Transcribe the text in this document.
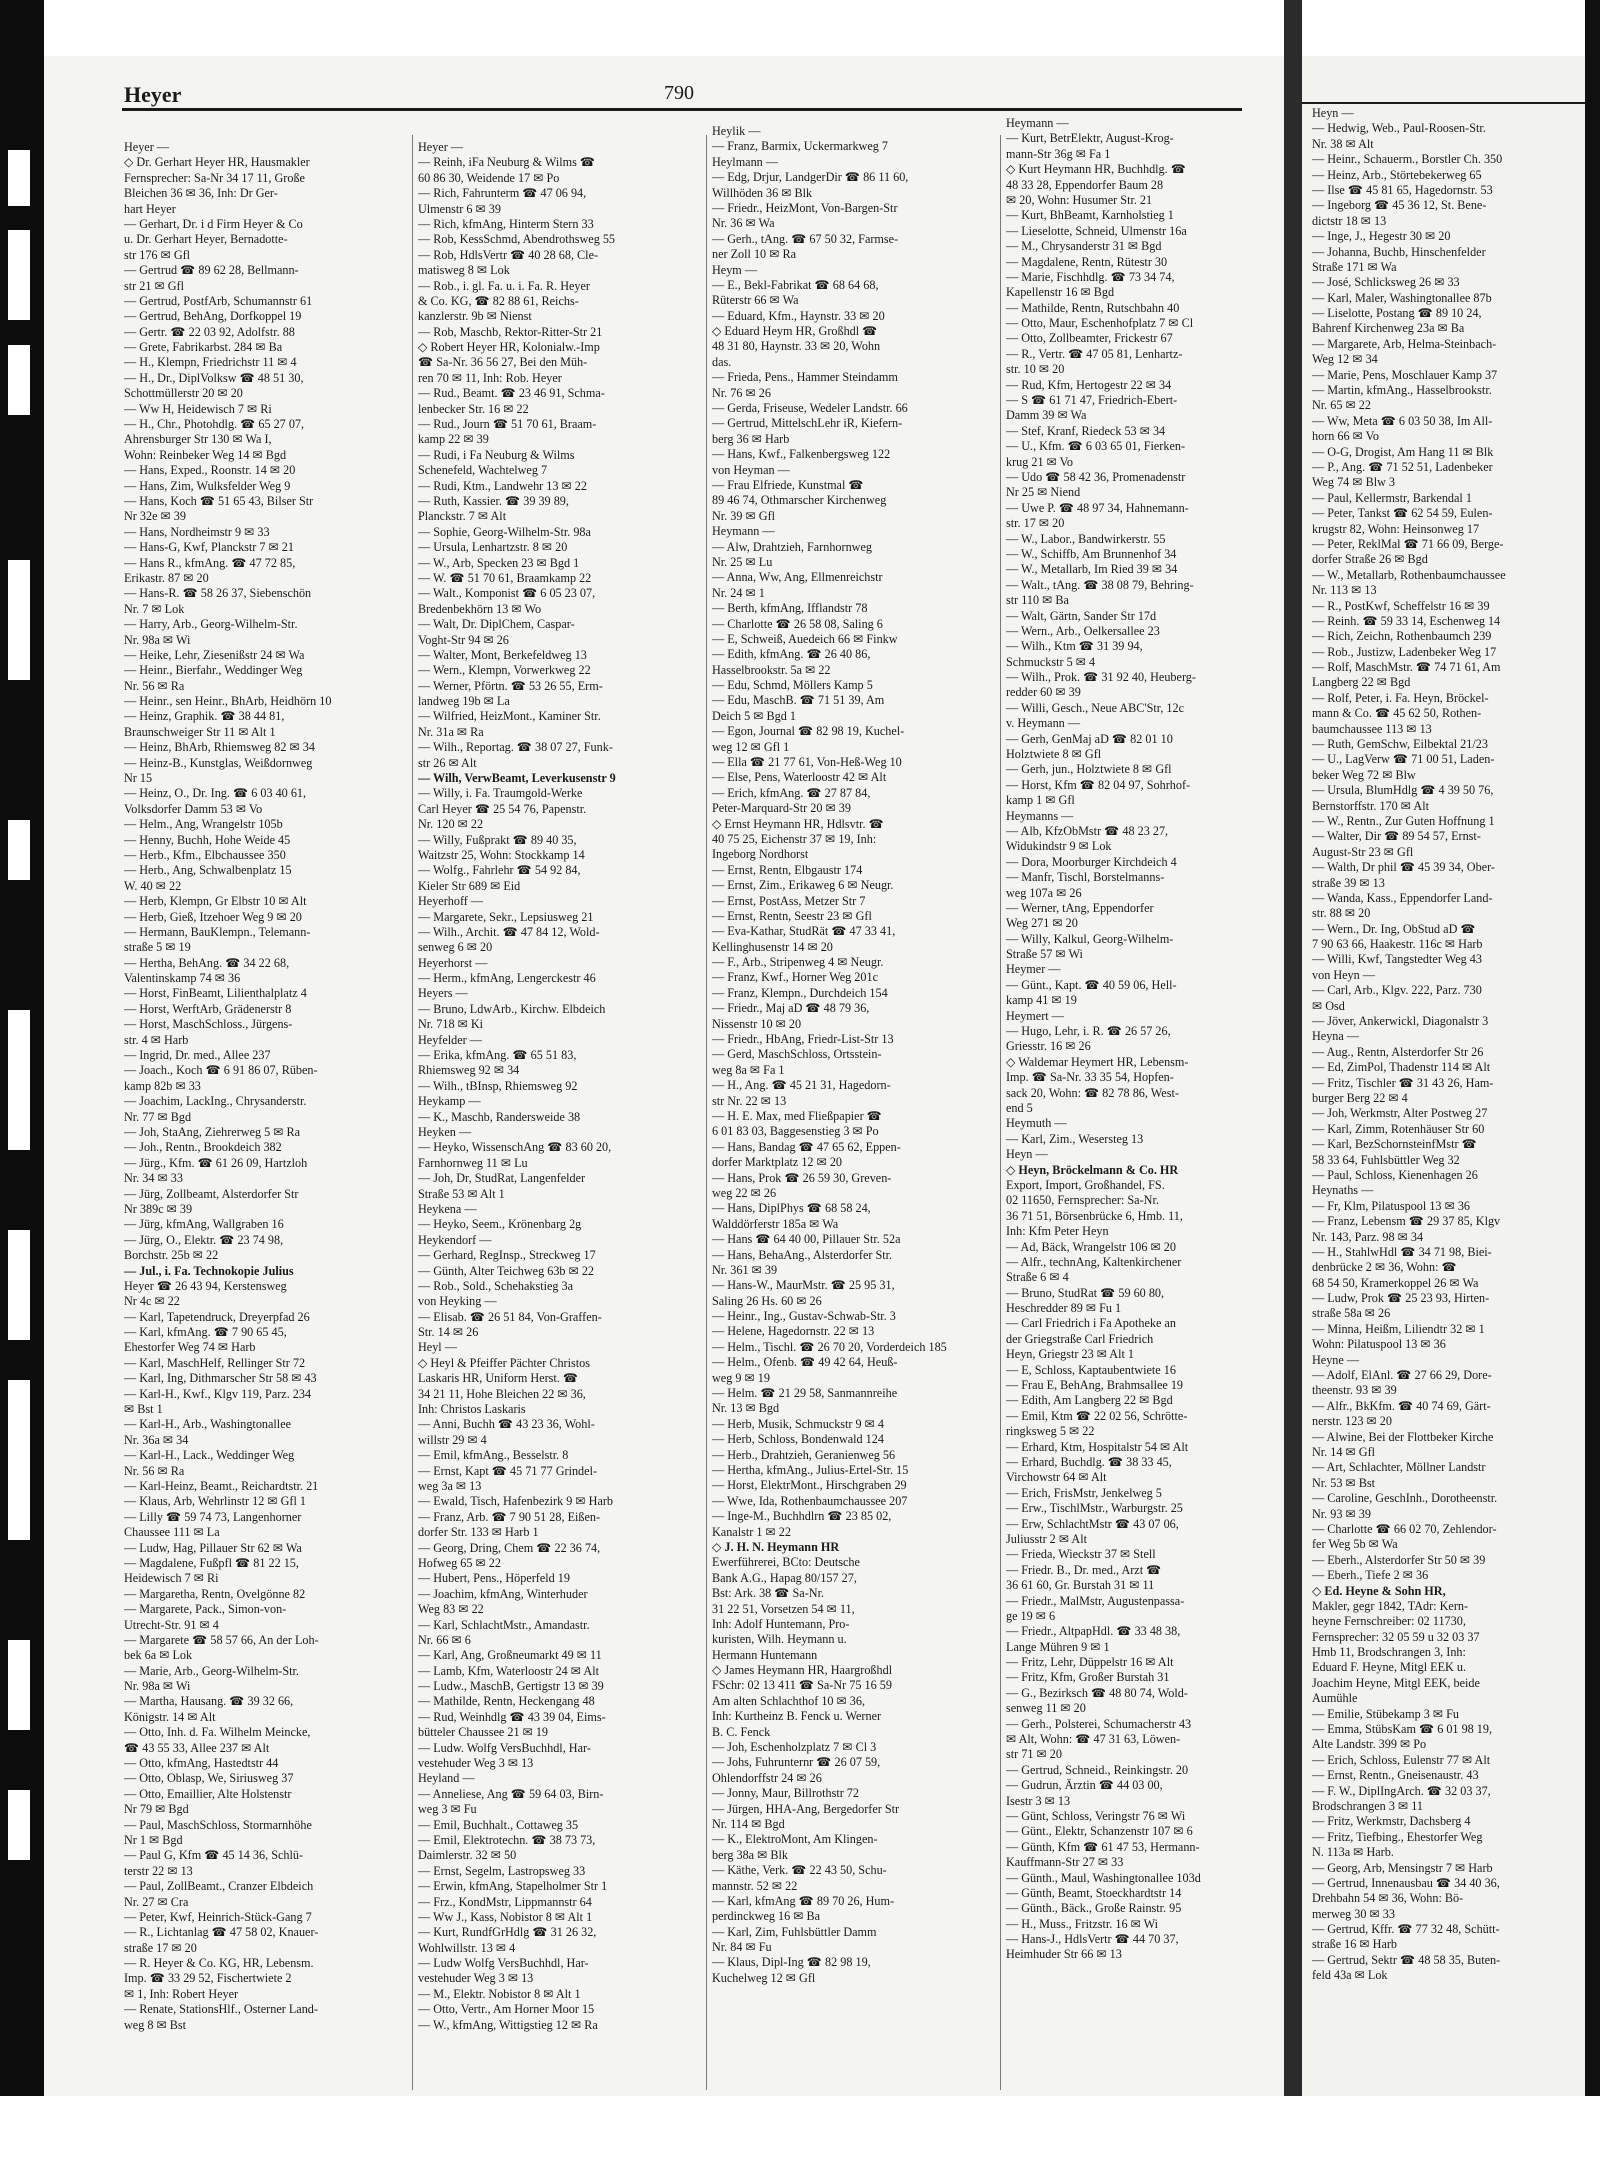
Heyer	790
Heyer —
◇ Dr. Gerhart Heyer HR, Hausmakler
Fernsprecher: Sa-Nr 34 17 11, Große
Bleichen 36 ✉ 36, Inh: Dr Ger-
hart Heyer
— Gerhart, Dr. i d Firm Heyer & Co
u. Dr. Gerhart Heyer, Bernadotte-
str 176 ✉ Gfl
— Gertrud ☎ 89 62 28, Bellmann-
str 21 ✉ Gfl
— Gertrud, PostfArb, Schumannstr 61
— Gertrud, BehAng, Dorfkoppel 19
— Gertr. ☎ 22 03 92, Adolfstr. 88
— Grete, Fabrikarbst. 284 ✉ Ba
— H., Klempn, Friedrichstr 11 ✉ 4
— H., Dr., DiplVolksw ☎ 48 51 30,
Schottmüllerstr 20 ✉ 20
— Ww H, Heidewisch 7 ✉ Ri
— H., Chr., Photohdlg. ☎ 65 27 07,
Ahrensburger Str 130 ✉ Wa I,
Wohn: Reinbeker Weg 14 ✉ Bgd
— Hans, Exped., Roonstr. 14 ✉ 20
— Hans, Zim, Wulksfelder Weg 9
— Hans, Koch ☎ 51 65 43, Bilser Str
Nr 32e ✉ 39
— Hans, Nordheimstr 9 ✉ 33
— Hans-G, Kwf, Planckstr 7 ✉ 21
— Hans R., kfmAng. ☎ 47 72 85,
Erikastr. 87 ✉ 20
— Hans-R. ☎ 58 26 37, Siebenschön
Nr. 7 ✉ Lok
— Harry, Arb., Georg-Wilhelm-Str.
Nr. 98a ✉ Wi
— Heike, Lehr, Ziesenißstr 24 ✉ Wa
— Heinr., Bierfahr., Weddinger Weg
Nr. 56 ✉ Ra
— Heinr., sen Heinr., BhArb, Heidhörn 10
— Heinz, Graphik. ☎ 38 44 81,
Braunschweiger Str 11 ✉ Alt 1
— Heinz, BhArb, Rhiemsweg 82 ✉ 34
— Heinz-B., Kunstglas, Weißdornweg
Nr 15
— Heinz, O., Dr. Ing. ☎ 6 03 40 61,
Volksdorfer Damm 53 ✉ Vo
— Helm., Ang, Wrangelstr 105b
— Henny, Buchh, Hohe Weide 45
— Herb., Kfm., Elbchaussee 350
— Herb., Ang, Schwalbenplatz 15
W. 40 ✉ 22
— Herb, Klempn, Gr Elbstr 10 ✉ Alt
— Herb, Gieß, Itzehoer Weg 9 ✉ 20
— Hermann, BauKlempn., Telemann-
straße 5 ✉ 19
— Hertha, BehAng. ☎ 34 22 68,
Valentinskamp 74 ✉ 36
— Horst, FinBeamt, Lilienthalplatz 4
— Horst, WerftArb, Grädenerstr 8
— Horst, MaschSchloss., Jürgens-
str. 4 ✉ Harb
— Ingrid, Dr. med., Allee 237
— Joach., Koch ☎ 6 91 86 07, Rüben-
kamp 82b ✉ 33
— Joachim, LackIng., Chrysanderstr.
Nr. 77 ✉ Bgd
— Joh, StaAng, Ziehrerweg 5 ✉ Ra
— Joh., Rentn., Brookdeich 382
— Jürg., Kfm. ☎ 61 26 09, Hartzloh
Nr. 34 ✉ 33
— Jürg, Zollbeamt, Alsterdorfer Str
Nr 389c ✉ 39
— Jürg, kfmAng, Wallgraben 16
— Jürg, O., Elektr. ☎ 23 74 98,
Borchstr. 25b ✉ 22
— Jul., i. Fa. Technokopie Julius
Heyer ☎ 26 43 94, Kerstensweg
Nr 4c ✉ 22
— Karl, Tapetendruck, Dreyerpfad 26
— Karl, kfmAng. ☎ 7 90 65 45,
Ehestorfer Weg 74 ✉ Harb
— Karl, MaschHelf, Rellinger Str 72
— Karl, Ing, Dithmarscher Str 58 ✉ 43
— Karl-H., Kwf., Klgv 119, Parz. 234
✉ Bst 1
— Karl-H., Arb., Washingtonallee
Nr. 36a ✉ 34
— Karl-H., Lack., Weddinger Weg
Nr. 56 ✉ Ra
— Karl-Heinz, Beamt., Reichardtstr. 21
— Klaus, Arb, Wehrlinstr 12 ✉ Gfl 1
— Lilly ☎ 59 74 73, Langenhorner
Chaussee 111 ✉ La
— Ludw, Hag, Pillauer Str 62 ✉ Wa
— Magdalene, Fußpfl ☎ 81 22 15,
Heidewisch 7 ✉ Ri
— Margaretha, Rentn, Ovelgönne 82
— Margarete, Pack., Simon-von-
Utrecht-Str. 91 ✉ 4
— Margarete ☎ 58 57 66, An der Loh-
bek 6a ✉ Lok
— Marie, Arb., Georg-Wilhelm-Str.
Nr. 98a ✉ Wi
— Martha, Hausang. ☎ 39 32 66,
Königstr. 14 ✉ Alt
— Otto, Inh. d. Fa. Wilhelm Meincke,
☎ 43 55 33, Allee 237 ✉ Alt
— Otto, kfmAng, Hastedtstr 44
— Otto, Oblasp, We, Siriusweg 37
— Otto, Emaillier, Alte Holstenstr
Nr 79 ✉ Bgd
— Paul, MaschSchloss, Stormarnhöhe
Nr 1 ✉ Bgd
— Paul G, Kfm ☎ 45 14 36, Schlü-
terstr 22 ✉ 13
— Paul, ZollBeamt., Cranzer Elbdeich
Nr. 27 ✉ Cra
— Peter, Kwf, Heinrich-Stück-Gang 7
— R., Lichtanlag ☎ 47 58 02, Knauer-
straße 17 ✉ 20
— R. Heyer & Co. KG, HR, Lebensm.
Imp. ☎ 33 29 52, Fischertwiete 2
✉ 1, Inh: Robert Heyer
— Renate, StationsHlf., Osterner Land-
weg 8 ✉ Bst
Heyer —
— Reinh, iFa Neuburg & Wilms ☎
60 86 30, Weidende 17 ✉ Po
— Rich, Fahrunterm ☎ 47 06 94,
Ulmenstr 6 ✉ 39
— Rich, kfmAng, Hinterm Stern 33
— Rob, KessSchmd, Abendrothsweg 55
— Rob, HdlsVertr ☎ 40 28 68, Cle-
matisweg 8 ✉ Lok
— Rob., i. gl. Fa. u. i. Fa. R. Heyer
& Co. KG, ☎ 82 88 61, Reichs-
kanzlerstr. 9b ✉ Nienst
— Rob, Maschb, Rektor-Ritter-Str 21
◇ Robert Heyer HR, Kolonialw.-Imp
☎ Sa-Nr. 36 56 27, Bei den Müh-
ren 70 ✉ 11, Inh: Rob. Heyer
— Rud., Beamt. ☎ 23 46 91, Schma-
lenbecker Str. 16 ✉ 22
— Rud., Journ ☎ 51 70 61, Braam-
kamp 22 ✉ 39
— Rudi, i Fa Neuburg & Wilms
Schenefeld, Wachtelweg 7
— Rudi, Ktm., Landwehr 13 ✉ 22
— Ruth, Kassier. ☎ 39 39 89,
Planckstr. 7 ✉ Alt
— Sophie, Georg-Wilhelm-Str. 98a
— Ursula, Lenhartzstr. 8 ✉ 20
— W., Arb, Specken 23 ✉ Bgd 1
— W. ☎ 51 70 61, Braamkamp 22
— Walt., Komponist ☎ 6 05 23 07,
Bredenbekhörn 13 ✉ Wo
— Walt, Dr. DiplChem, Caspar-
Voght-Str 94 ✉ 26
— Walter, Mont, Berkefeldweg 13
— Wern., Klempn, Vorwerkweg 22
— Werner, Pförtn. ☎ 53 26 55, Erm-
landweg 19b ✉ La
— Wilfried, HeizMont., Kaminer Str.
Nr. 31a ✉ Ra
— Wilh., Reportag. ☎ 38 07 27, Funk-
str 26 ✉ Alt
— Wilh, VerwBeamt, Leverkusenstr 9
— Willy, i. Fa. Traumgold-Werke
Carl Heyer ☎ 25 54 76, Papenstr.
Nr. 120 ✉ 22
— Willy, Fußprakt ☎ 89 40 35,
Waitzstr 25, Wohn: Stockkamp 14
— Wolfg., Fahrlehr ☎ 54 92 84,
Kieler Str 689 ✉ Eid
Heyerhoff —
— Margarete, Sekr., Lepsiusweg 21
— Wilh., Archit. ☎ 47 84 12, Wold-
senweg 6 ✉ 20
Heyerhorst —
— Herm., kfmAng, Lengerckestr 46
Heyers —
— Bruno, LdwArb., Kirchw. Elbdeich
Nr. 718 ✉ Ki
Heyfelder —
— Erika, kfmAng. ☎ 65 51 83,
Rhiemsweg 92 ✉ 34
— Wilh., tBInsp, Rhiemsweg 92
Heykamp —
— K., Maschb, Randersweide 38
Heyken —
— Heyko, WissenschAng ☎ 83 60 20,
Farnhornweg 11 ✉ Lu
— Joh, Dr, StudRat, Langenfelder
Straße 53 ✉ Alt 1
Heykena —
— Heyko, Seem., Krönenbarg 2g
Heykendorf —
— Gerhard, RegInsp., Streckweg 17
— Günth, Alter Teichweg 63b ✉ 22
— Rob., Sold., Schehakstieg 3a
von Heyking —
— Elisab. ☎ 26 51 84, Von-Graffen-
Str. 14 ✉ 26
Heyl —
◇ Heyl & Pfeiffer Pächter Christos
Laskaris HR, Uniform Herst. ☎
34 21 11, Hohe Bleichen 22 ✉ 36,
Inh: Christos Laskaris
— Anni, Buchh ☎ 43 23 36, Wohl-
willstr 29 ✉ 4
— Emil, kfmAng., Besselstr. 8
— Ernst, Kapt ☎ 45 71 77 Grindel-
weg 3a ✉ 13
— Ewald, Tisch, Hafenbezirk 9 ✉ Harb
— Franz, Arb. ☎ 7 90 51 28, Eißen-
dorfer Str. 133 ✉ Harb 1
— Georg, Dring, Chem ☎ 22 36 74,
Hofweg 65 ✉ 22
— Hubert, Pens., Höperfeld 19
— Joachim, kfmAng, Winterhuder
Weg 83 ✉ 22
— Karl, SchlachtMstr., Amandastr.
Nr. 66 ✉ 6
— Karl, Ang, Großneumarkt 49 ✉ 11
— Lamb, Kfm, Waterloostr 24 ✉ Alt
— Ludw., MaschB, Gertigstr 13 ✉ 39
— Mathilde, Rentn, Heckengang 48
— Rud, Weinhdlg ☎ 43 39 04, Eims-
bütteler Chaussee 21 ✉ 19
— Ludw. Wolfg VersBuchhdl, Har-
vestehuder Weg 3 ✉ 13
Heyland —
— Anneliese, Ang ☎ 59 64 03, Birn-
weg 3 ✉ Fu
— Emil, Buchhalt., Cottaweg 35
— Emil, Elektrotechn. ☎ 38 73 73,
Daimlerstr. 32 ✉ 50
— Ernst, Segelm, Lastropsweg 33
— Erwin, kfmAng, Stapelholmer Str 1
— Frz., KondMstr, Lippmannstr 64
— Ww J., Kass, Nobistor 8 ✉ Alt 1
— Kurt, RundfGrHdlg ☎ 31 26 32,
Wohlwillstr. 13 ✉ 4
— Ludw Wolfg VersBuchhdl, Har-
vestehuder Weg 3 ✉ 13
— M., Elektr. Nobistor 8 ✉ Alt 1
— Otto, Vertr., Am Horner Moor 15
— W., kfmAng, Wittigstieg 12 ✉ Ra
Heylik —
— Franz, Barmix, Uckermarkweg 7
Heylmann —
— Edg, Drjur, LandgerDir ☎ 86 11 60,
Willhöden 36 ✉ Blk
— Friedr., HeizMont, Von-Bargen-Str
Nr. 36 ✉ Wa
— Gerh., tAng. ☎ 67 50 32, Farmse-
ner Zoll 10 ✉ Ra
Heym —
— E., Bekl-Fabrikat ☎ 68 64 68,
Rüterstr 66 ✉ Wa
— Eduard, Kfm., Haynstr. 33 ✉ 20
◇ Eduard Heym HR, Großhdl ☎
48 31 80, Haynstr. 33 ✉ 20, Wohn
das.
— Frieda, Pens., Hammer Steindamm
Nr. 76 ✉ 26
— Gerda, Friseuse, Wedeler Landstr. 66
— Gertrud, MittelschLehr iR, Kiefern-
berg 36 ✉ Harb
— Hans, Kwf., Falkenbergsweg 122
von Heyman —
— Frau Elfriede, Kunstmal ☎
89 46 74, Othmarscher Kirchenweg
Nr. 39 ✉ Gfl
Heymann —
— Alw, Drahtzieh, Farnhornweg
Nr. 25 ✉ Lu
— Anna, Ww, Ang, Ellmenreichstr
Nr. 24 ✉ 1
— Berth, kfmAng, Ifflandstr 78
— Charlotte ☎ 26 58 08, Saling 6
— E, Schweiß, Auedeich 66 ✉ Finkw
— Edith, kfmAng. ☎ 26 40 86,
Hasselbrookstr. 5a ✉ 22
— Edu, Schmd, Möllers Kamp 5
— Edu, MaschB. ☎ 71 51 39, Am
Deich 5 ✉ Bgd 1
— Egon, Journal ☎ 82 98 19, Kuchel-
weg 12 ✉ Gfl 1
— Ella ☎ 21 77 61, Von-Heß-Weg 10
— Else, Pens, Waterloostr 42 ✉ Alt
— Erich, kfmAng. ☎ 27 87 84,
Peter-Marquard-Str 20 ✉ 39
◇ Ernst Heymann HR, Hdlsvtr. ☎
40 75 25, Eichenstr 37 ✉ 19, Inh:
Ingeborg Nordhorst
— Ernst, Rentn, Elbgaustr 174
— Ernst, Zim., Erikaweg 6 ✉ Neugr.
— Ernst, PostAss, Metzer Str 7
— Ernst, Rentn, Seestr 23 ✉ Gfl
— Eva-Kathar, StudRät ☎ 47 33 41,
Kellinghusenstr 14 ✉ 20
— F., Arb., Stripenweg 4 ✉ Neugr.
— Franz, Kwf., Horner Weg 201c
— Franz, Klempn., Durchdeich 154
— Friedr., Maj aD ☎ 48 79 36,
Nissenstr 10 ✉ 20
— Friedr., HbAng, Friedr-List-Str 13
— Gerd, MaschSchloss, Ortsstein-
weg 8a ✉ Fa 1
— H., Ang. ☎ 45 21 31, Hagedorn-
str Nr. 22 ✉ 13
— H. E. Max, med Fließpapier ☎
6 01 83 03, Baggesenstieg 3 ✉ Po
— Hans, Bandag ☎ 47 65 62, Eppen-
dorfer Marktplatz 12 ✉ 20
— Hans, Prok ☎ 26 59 30, Greven-
weg 22 ✉ 26
— Hans, DiplPhys ☎ 68 58 24,
Walddörferstr 185a ✉ Wa
— Hans ☎ 64 40 00, Pillauer Str. 52a
— Hans, BehaAng., Alsterdorfer Str.
Nr. 361 ✉ 39
— Hans-W., MaurMstr. ☎ 25 95 31,
Saling 26 Hs. 60 ✉ 26
— Heinr., Ing., Gustav-Schwab-Str. 3
— Helene, Hagedornstr. 22 ✉ 13
— Helm., Tischl. ☎ 26 70 20, Vorderdeich 185
— Helm., Ofenb. ☎ 49 42 64, Heuß-
weg 9 ✉ 19
— Helm. ☎ 21 29 58, Sanmannreihe
Nr. 13 ✉ Bgd
— Herb, Musik, Schmuckstr 9 ✉ 4
— Herb, Schloss, Bondenwald 124
— Herb., Drahtzieh, Geranienweg 56
— Hertha, kfmAng., Julius-Ertel-Str. 15
— Horst, ElektrMont., Hirschgraben 29
— Wwe, Ida, Rothenbaumchaussee 207
— Inge-M., Buchhdlrn ☎ 23 85 02,
Kanalstr 1 ✉ 22
◇ J. H. N. Heymann HR
Ewerführerei, BCto: Deutsche
Bank A.G., Hapag 80/157 27,
Bst: Ark. 38 ☎ Sa-Nr.
31 22 51, Vorsetzen 54 ✉ 11,
Inh: Adolf Huntemann, Pro-
kuristen, Wilh. Heymann u.
Hermann Huntemann
◇ James Heymann HR, Haargroßhdl
FSchr: 02 13 411 ☎ Sa-Nr 75 16 59
Am alten Schlachthof 10 ✉ 36,
Inh: Kurtheinz B. Fenck u. Werner
B. C. Fenck
— Joh, Eschenholzplatz 7 ✉ Cl 3
— Johs, Fuhrunternr ☎ 26 07 59,
Ohlendorffstr 24 ✉ 26
— Jonny, Maur, Billrothstr 72
— Jürgen, HHA-Ang, Bergedorfer Str
Nr. 114 ✉ Bgd
— K., ElektroMont, Am Klingen-
berg 38a ✉ Blk
— Käthe, Verk. ☎ 22 43 50, Schu-
mannstr. 52 ✉ 22
— Karl, kfmAng ☎ 89 70 26, Hum-
perdinckweg 16 ✉ Ba
— Karl, Zim, Fuhlsbüttler Damm
Nr. 84 ✉ Fu
— Klaus, Dipl-Ing ☎ 82 98 19,
Kuchelweg 12 ✉ Gfl
Heymann —
— Kurt, BetrElektr, August-Krog-
mann-Str 36g ✉ Fa 1
◇ Kurt Heymann HR, Buchhdlg. ☎
48 33 28, Eppendorfer Baum 28
✉ 20, Wohn: Husumer Str. 21
— Kurt, BhBeamt, Karnholstieg 1
— Lieselotte, Schneid, Ulmenstr 16a
— M., Chrysanderstr 31 ✉ Bgd
— Magdalene, Rentn, Rütestr 30
— Marie, Fischhdlg. ☎ 73 34 74,
Kapellenstr 16 ✉ Bgd
— Mathilde, Rentn, Rutschbahn 40
— Otto, Maur, Eschenhofplatz 7 ✉ Cl
— Otto, Zollbeamter, Frickestr 67
— R., Vertr. ☎ 47 05 81, Lenhartz-
str. 10 ✉ 20
— Rud, Kfm, Hertogestr 22 ✉ 34
— S ☎ 61 71 47, Friedrich-Ebert-
Damm 39 ✉ Wa
— Stef, Kranf, Riedeck 53 ✉ 34
— U., Kfm. ☎ 6 03 65 01, Fierken-
krug 21 ✉ Vo
— Udo ☎ 58 42 36, Promenadenstr
Nr 25 ✉ Niend
— Uwe P. ☎ 48 97 34, Hahnemann-
str. 17 ✉ 20
— W., Labor., Bandwirkerstr. 55
— W., Schiffb, Am Brunnenhof 34
— W., Metallarb, Im Ried 39 ✉ 34
— Walt., tAng. ☎ 38 08 79, Behring-
str 110 ✉ Ba
— Walt, Gärtn, Sander Str 17d
— Wern., Arb., Oelkersallee 23
— Wilh., Ktm ☎ 31 39 94,
Schmuckstr 5 ✉ 4
— Wilh., Prok. ☎ 31 92 40, Heuberg-
redder 60 ✉ 39
— Willi, Gesch., Neue ABC'Str, 12c
v. Heymann —
— Gerh, GenMaj aD ☎ 82 01 10
Holztwiete 8 ✉ Gfl
— Gerh, jun., Holztwiete 8 ✉ Gfl
— Horst, Kfm ☎ 82 04 97, Sohrhof-
kamp 1 ✉ Gfl
Heymanns —
— Alb, KfzObMstr ☎ 48 23 27,
Widukindstr 9 ✉ Lok
— Dora, Moorburger Kirchdeich 4
— Manfr, Tischl, Borstelmanns-
weg 107a ✉ 26
— Werner, tAng, Eppendorfer
Weg 271 ✉ 20
— Willy, Kalkul, Georg-Wilhelm-
Straße 57 ✉ Wi
Heymer —
— Günt., Kapt. ☎ 40 59 06, Hell-
kamp 41 ✉ 19
Heymert —
— Hugo, Lehr, i. R. ☎ 26 57 26,
Griesstr. 16 ✉ 26
◇ Waldemar Heymert HR, Lebensm-
Imp. ☎ Sa-Nr. 33 35 54, Hopfen-
sack 20, Wohn: ☎ 82 78 86, West-
end 5
Heymuth —
— Karl, Zim., Wesersteg 13
Heyn —
◇ Heyn, Bröckelmann & Co. HR
Export, Import, Großhandel, FS.
02 11650, Fernsprecher: Sa-Nr.
36 71 51, Börsenbrücke 6, Hmb. 11,
Inh: Kfm Peter Heyn
— Ad, Bäck, Wrangelstr 106 ✉ 20
— Alfr., technAng, Kaltenkirchener
Straße 6 ✉ 4
— Bruno, StudRat ☎ 59 60 80,
Heschredder 89 ✉ Fu 1
— Carl Friedrich i Fa Apotheke an
der Griegstraße Carl Friedrich
Heyn, Griegstr 23 ✉ Alt 1
— E, Schloss, Kaptaubentwiete 16
— Frau E, BehAng, Brahmsallee 19
— Edith, Am Langberg 22 ✉ Bgd
— Emil, Ktm ☎ 22 02 56, Schrötte-
ringksweg 5 ✉ 22
— Erhard, Ktm, Hospitalstr 54 ✉ Alt
— Erhard, Buchdlg. ☎ 38 33 45,
Virchowstr 64 ✉ Alt
— Erich, FrisMstr, Jenkelweg 5
— Erw., TischlMstr., Warburgstr. 25
— Erw, SchlachtMstr ☎ 43 07 06,
Juliusstr 2 ✉ Alt
— Frieda, Wieckstr 37 ✉ Stell
— Friedr. B., Dr. med., Arzt ☎
36 61 60, Gr. Burstah 31 ✉ 11
— Friedr., MalMstr, Augustenpassa-
ge 19 ✉ 6
— Friedr., AltpapHdl. ☎ 33 48 38,
Lange Mühren 9 ✉ 1
— Fritz, Lehr, Düppelstr 16 ✉ Alt
— Fritz, Kfm, Großer Burstah 31
— G., Bezirksch ☎ 48 80 74, Wold-
senweg 11 ✉ 20
— Gerh., Polsterei, Schumacherstr 43
✉ Alt, Wohn: ☎ 47 31 63, Löwen-
str 71 ✉ 20
— Gertrud, Schneid., Reinkingstr. 20
— Gudrun, Ärztin ☎ 44 03 00,
Isestr 3 ✉ 13
— Günt, Schloss, Veringstr 76 ✉ Wi
— Günt., Elektr, Schanzenstr 107 ✉ 6
— Günth, Kfm ☎ 61 47 53, Hermann-
Kauffmann-Str 27 ✉ 33
— Günth., Maul, Washingtonallee 103d
— Günth, Beamt, Stoeckhardtstr 14
— Günth., Bäck., Große Rainstr. 95
— H., Muss., Fritzstr. 16 ✉ Wi
— Hans-J., HdlsVertr ☎ 44 70 37,
Heimhuder Str 66 ✉ 13
Heyn —
— Hedwig, Web., Paul-Roosen-Str.
Nr. 38 ✉ Alt
— Heinr., Schauerm., Borstler Ch. 350
— Heinz, Arb., Störtebekerweg 65
— Ilse ☎ 45 81 65, Hagedornstr. 53
— Ingeborg ☎ 45 36 12, St. Bene-
dictstr 18 ✉ 13
— Inge, J., Hegestr 30 ✉ 20
— Johanna, Buchb, Hinschenfelder
Straße 171 ✉ Wa
— José, Schlicksweg 26 ✉ 33
— Karl, Maler, Washingtonallee 87b
— Liselotte, Postang ☎ 89 10 24,
Bahrenf Kirchenweg 23a ✉ Ba
— Margarete, Arb, Helma-Steinbach-
Weg 12 ✉ 34
— Marie, Pens, Moschlauer Kamp 37
— Martin, kfmAng., Hasselbrookstr.
Nr. 65 ✉ 22
— Ww, Meta ☎ 6 03 50 38, Im All-
horn 66 ✉ Vo
— O-G, Drogist, Am Hang 11 ✉ Blk
— P., Ang. ☎ 71 52 51, Ladenbeker
Weg 74 ✉ Blw 3
— Paul, Kellermstr, Barkendal 1
— Peter, Tankst ☎ 62 54 59, Eulen-
krugstr 82, Wohn: Heinsonweg 17
— Peter, ReklMal ☎ 71 66 09, Berge-
dorfer Straße 26 ✉ Bgd
— W., Metallarb, Rothenbaumchaussee
Nr. 113 ✉ 13
— R., PostKwf, Scheffelstr 16 ✉ 39
— Reinh. ☎ 59 33 14, Eschenweg 14
— Rich, Zeichn, Rothenbaumch 239
— Rob., Justizw, Ladenbeker Weg 17
— Rolf, MaschMstr. ☎ 74 71 61, Am
Langberg 22 ✉ Bgd
— Rolf, Peter, i. Fa. Heyn, Bröckel-
mann & Co. ☎ 45 62 50, Rothen-
baumchaussee 113 ✉ 13
— Ruth, GemSchw, Eilbektal 21/23
— U., LagVerw ☎ 71 00 51, Laden-
beker Weg 72 ✉ Blw
— Ursula, BlumHdlg ☎ 4 39 50 76,
Bernstorffstr. 170 ✉ Alt
— W., Rentn., Zur Guten Hoffnung 1
— Walter, Dir ☎ 89 54 57, Ernst-
August-Str 23 ✉ Gfl
— Walth, Dr phil ☎ 45 39 34, Ober-
straße 39 ✉ 13
— Wanda, Kass., Eppendorfer Land-
str. 88 ✉ 20
— Wern., Dr. Ing, ObStud aD ☎
7 90 63 66, Haakestr. 116c ✉ Harb
— Willi, Kwf, Tangstedter Weg 43
von Heyn —
— Carl, Arb., Klgv. 222, Parz. 730
✉ Osd
— Jöver, Ankerwickl, Diagonalstr 3
Heyna —
— Aug., Rentn, Alsterdorfer Str 26
— Ed, ZimPol, Thadenstr 114 ✉ Alt
— Fritz, Tischler ☎ 31 43 26, Ham-
burger Berg 22 ✉ 4
— Joh, Werkmstr, Alter Postweg 27
— Karl, Zimm, Rotenhäuser Str 60
— Karl, BezSchornsteinfMstr ☎
58 33 64, Fuhlsbüttler Weg 32
— Paul, Schloss, Kienenhagen 26
Heynaths —
— Fr, Klm, Pilatuspool 13 ✉ 36
— Franz, Lebensm ☎ 29 37 85, Klgv
Nr. 143, Parz. 98 ✉ 34
— H., StahlwHdl ☎ 34 71 98, Biei-
denbrücke 2 ✉ 36, Wohn: ☎
68 54 50, Kramerkoppel 26 ✉ Wa
— Ludw, Prok ☎ 25 23 93, Hirten-
straße 58a ✉ 26
— Minna, Heißm, Liliendtr 32 ✉ 1
Wohn: Pilatuspool 13 ✉ 36
Heyne —
— Adolf, ElAnl. ☎ 27 66 29, Dore-
theenstr. 93 ✉ 39
— Alfr., BkKfm. ☎ 40 74 69, Gärt-
nerstr. 123 ✉ 20
— Alwine, Bei der Flottbeker Kirche
Nr. 14 ✉ Gfl
— Art, Schlachter, Möllner Landstr
Nr. 53 ✉ Bst
— Caroline, GeschInh., Dorotheenstr.
Nr. 93 ✉ 39
— Charlotte ☎ 66 02 70, Zehlendor-
fer Weg 5b ✉ Wa
— Eberh., Alsterdorfer Str 50 ✉ 39
— Eberh., Tiefe 2 ✉ 36
◇ Ed. Heyne & Sohn HR,
Makler, gegr 1842, TAdr: Kern-
heyne Fernschreiber: 02 11730,
Fernsprecher: 32 05 59 u 32 03 37
Hmb 11, Brodschrangen 3, Inh:
Eduard F. Heyne, Mitgl EEK u.
Joachim Heyne, Mitgl EEK, beide
Aumühle
— Emilie, Stübekamp 3 ✉ Fu
— Emma, StübsKam ☎ 6 01 98 19,
Alte Landstr. 399 ✉ Po
— Erich, Schloss, Eulenstr 77 ✉ Alt
— Ernst, Rentn., Gneisenaustr. 43
— F. W., DiplIngArch. ☎ 32 03 37,
Brodschrangen 3 ✉ 11
— Fritz, Werkmstr, Dachsberg 4
— Fritz, Tiefbing., Ehestorfer Weg
N. 113a ✉ Harb.
— Georg, Arb, Mensingstr 7 ✉ Harb
— Gertrud, Innenausbau ☎ 34 40 36,
Drehbahn 54 ✉ 36, Wohn: Bö-
merweg 30 ✉ 33
— Gertrud, Kffr. ☎ 77 32 48, Schütt-
straße 16 ✉ Harb
— Gertrud, Sektr ☎ 48 58 35, Buten-
feld 43a ✉ Lok
